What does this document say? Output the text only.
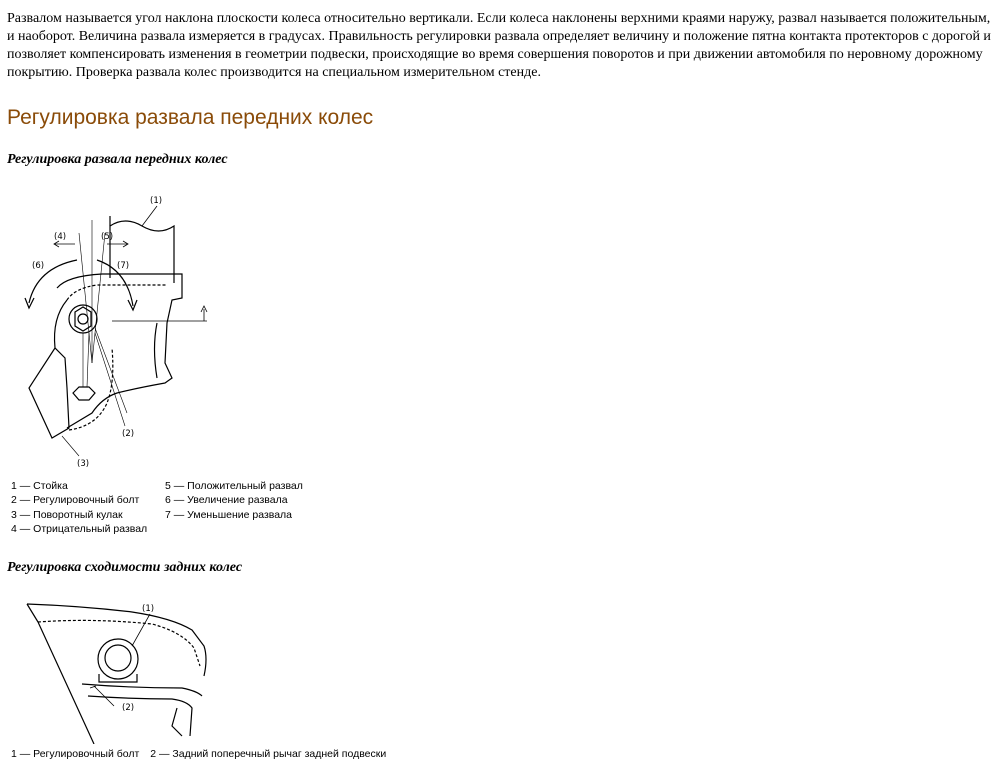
Развалом называется угол наклона плоскости колеса относительно вертикали. Если колеса наклонены верхними краями наружу, развал называется положительным, и наоборот. Величина развала измеряется в градусах. Правильность регулировки развала определяет величину и положение пятна контакта протекторов с дорогой и позволяет компенсировать изменения в геометрии подвески, происходящие во время совершения поворотов и при движении автомобиля по неровному дорожному покрытию. Проверка развала колес производится на специальном измерительном стенде.

Регулировка развала передних колес

Регулировка развала передних колес

(1)
(2)
(3)
(4)	(5)
(6)	(7)
1 — Стойка
2 — Регулировочный болт
3 — Поворотный кулак
4 — Отрицательный развал
5 — Положительный развал
6 — Увеличение развала
7 — Уменьшение развала

Регулировка сходимости задних колес

(1)
(2)
1 — Регулировочный болт 2 — Задний поперечный рычаг задней подвески
